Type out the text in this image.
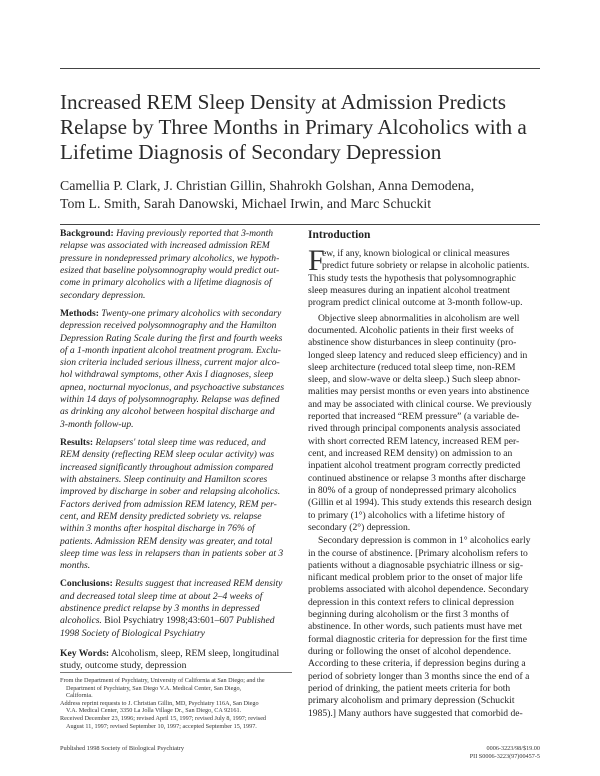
Increased REM Sleep Density at Admission Predicts
Relapse by Three Months in Primary Alcoholics with a
Lifetime Diagnosis of Secondary Depression
Camellia P. Clark, J. Christian Gillin, Shahrokh Golshan, Anna Demodena,
Tom L. Smith, Sarah Danowski, Michael Irwin, and Marc Schuckit

Background: Having previously reported that 3-month
relapse was associated with increased admission REM
pressure in nondepressed primary alcoholics, we hypoth-
esized that baseline polysomnography would predict out-
come in primary alcoholics with a lifetime diagnosis of
secondary depression.

Methods: Twenty-one primary alcoholics with secondary
depression received polysomnography and the Hamilton
Depression Rating Scale during the first and fourth weeks
of a 1-month inpatient alcohol treatment program. Exclu-
sion criteria included serious illness, current major alco-
hol withdrawal symptoms, other Axis I diagnoses, sleep
apnea, nocturnal myoclonus, and psychoactive substances
within 14 days of polysomnography. Relapse was defined
as drinking any alcohol between hospital discharge and
3-month follow-up.

Results: Relapsers' total sleep time was reduced, and
REM density (reflecting REM sleep ocular activity) was
increased significantly throughout admission compared
with abstainers. Sleep continuity and Hamilton scores
improved by discharge in sober and relapsing alcoholics.
Factors derived from admission REM latency, REM per-
cent, and REM density predicted sobriety vs. relapse
within 3 months after hospital discharge in 76% of
patients. Admission REM density was greater, and total
sleep time was less in relapsers than in patients sober at 3
months.

Conclusions: Results suggest that increased REM density
and decreased total sleep time at about 2–4 weeks of
abstinence predict relapse by 3 months in depressed
alcoholics. Biol Psychiatry 1998;43:601–607 Published
1998 Society of Biological Psychiatry

Key Words: Alcoholism, sleep, REM sleep, longitudinal
study, outcome study, depression
From the Department of Psychiatry, University of California at San Diego; and the
Department of Psychiatry, San Diego V.A. Medical Center, San Diego,
California.
Address reprint requests to J. Christian Gillin, MD, Psychiatry 116A, San Diego
V.A. Medical Center, 3350 La Jolla Village Dr., San Diego, CA 92161.
Received December 23, 1996; revised April 15, 1997; revised July 8, 1997; revised
August 11, 1997; revised September 10, 1997; accepted September 15, 1997.
Introduction
F
ew, if any, known biological or clinical measures
predict future sobriety or relapse in alcoholic patients.
This study tests the hypothesis that polysomnographic
sleep measures during an inpatient alcohol treatment
program predict clinical outcome at 3-month follow-up.
Objective sleep abnormalities in alcoholism are well
documented. Alcoholic patients in their first weeks of
abstinence show disturbances in sleep continuity (pro-
longed sleep latency and reduced sleep efficiency) and in
sleep architecture (reduced total sleep time, non-REM
sleep, and slow-wave or delta sleep.) Such sleep abnor-
malities may persist months or even years into abstinence
and may be associated with clinical course. We previously
reported that increased “REM pressure” (a variable de-
rived through principal components analysis associated
with short corrected REM latency, increased REM per-
cent, and increased REM density) on admission to an
inpatient alcohol treatment program correctly predicted
continued abstinence or relapse 3 months after discharge
in 80% of a group of nondepressed primary alcoholics
(Gillin et al 1994). This study extends this research design
to primary (1°) alcoholics with a lifetime history of
secondary (2°) depression.
Secondary depression is common in 1° alcoholics early
in the course of abstinence. [Primary alcoholism refers to
patients without a diagnosable psychiatric illness or sig-
nificant medical problem prior to the onset of major life
problems associated with alcohol dependence. Secondary
depression in this context refers to clinical depression
beginning during alcoholism or the first 3 months of
abstinence. In other words, such patients must have met
formal diagnostic criteria for depression for the first time
during or following the onset of alcohol dependence.
According to these criteria, if depression begins during a
period of sobriety longer than 3 months since the end of a
period of drinking, the patient meets criteria for both
primary alcoholism and primary depression (Schuckit
1985).] Many authors have suggested that comorbid de-
Published 1998 Society of Biological Psychiatry	0006-3223/98/$19.00
PII S0006-3223(97)00457-5
